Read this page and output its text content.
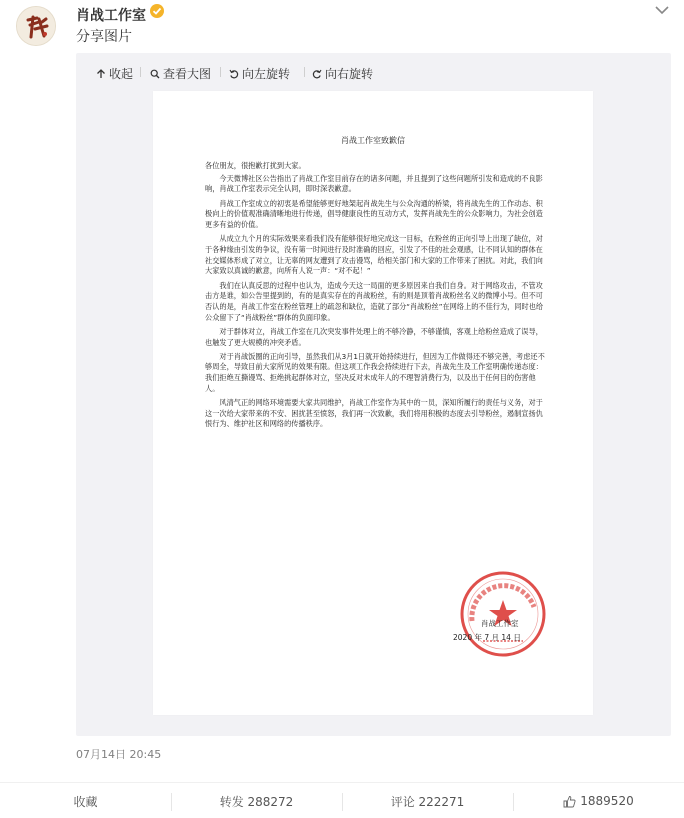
肖战工作室
分享图片
收起 查看大图	向左旋转	向右旋转
肖战工作室致歉信

各位朋友，很抱歉打扰到大家。

今天微博社区公告指出了肖战工作室目前存在的诸多问题，并且提到了这些问题所引发和造成的不良影响，肖战工作室表示完全认同，即时深表歉意。

肖战工作室成立的初衷是希望能够更好地架起肖战先生与公众沟通的桥梁，将肖战先生的工作动态、积极向上的价值观准确清晰地进行传递，倡导健康良性的互动方式，发挥肖战先生的公众影响力，为社会创造更多有益的价值。

从成立九个月的实际效果来看我们没有能够很好地完成这一目标，在粉丝的正向引导上出现了缺位，对于各种缘由引发的争议，没有第一时间进行及时准确的回应，引发了不佳的社会观感，让不同认知的群体在社交媒体形成了对立，让无辜的网友遭到了攻击谩骂，给相关部门和大家的工作带来了困扰。对此，我们向大家致以真诚的歉意，向所有人说一声：“对不起！”

我们在认真反思的过程中也认为，造成今天这一局面的更多原因来自我们自身。对于网络攻击，不管攻击方是谁，如公告里提到的，有的是真实存在的肖战粉丝，有的则是顶着肖战粉丝名义的微博小号。但不可否认的是，肖战工作室在粉丝管理上的疏忽和缺位，造就了部分“肖战粉丝”在网络上的不佳行为，同时也给公众留下了“肖战粉丝”群体的负面印象。

对于群体对立，肖战工作室在几次突发事件处理上的不够冷静，不够谨慎，客观上给粉丝造成了误导，也触发了更大规模的冲突矛盾。

对于肖战饭圈的正向引导，虽然我们从3月1日就开始持续进行，但因为工作做得还不够完善，考虑还不够周全，导致目前大家所见的效果有限。但这项工作我会持续进行下去，肖战先生及工作室明确传递态度：我们拒绝互撕谩骂、拒绝挑起群体对立，坚决反对未成年人的不理智消费行为，以及出于任何目的伤害他人。

风清气正的网络环境需要大家共同维护，肖战工作室作为其中的一员，深知所履行的责任与义务，对于这一次给大家带来的不安、困扰甚至愤怒，我们再一次致歉，我们将用积极的态度去引导粉丝，遏制宣扬仇恨行为、维护社区和网络的传播秩序。

肖战工作室
2020 年 7 月 14 日
07月14日 20:45
收藏	转发 288272	评论 222271	1889520
